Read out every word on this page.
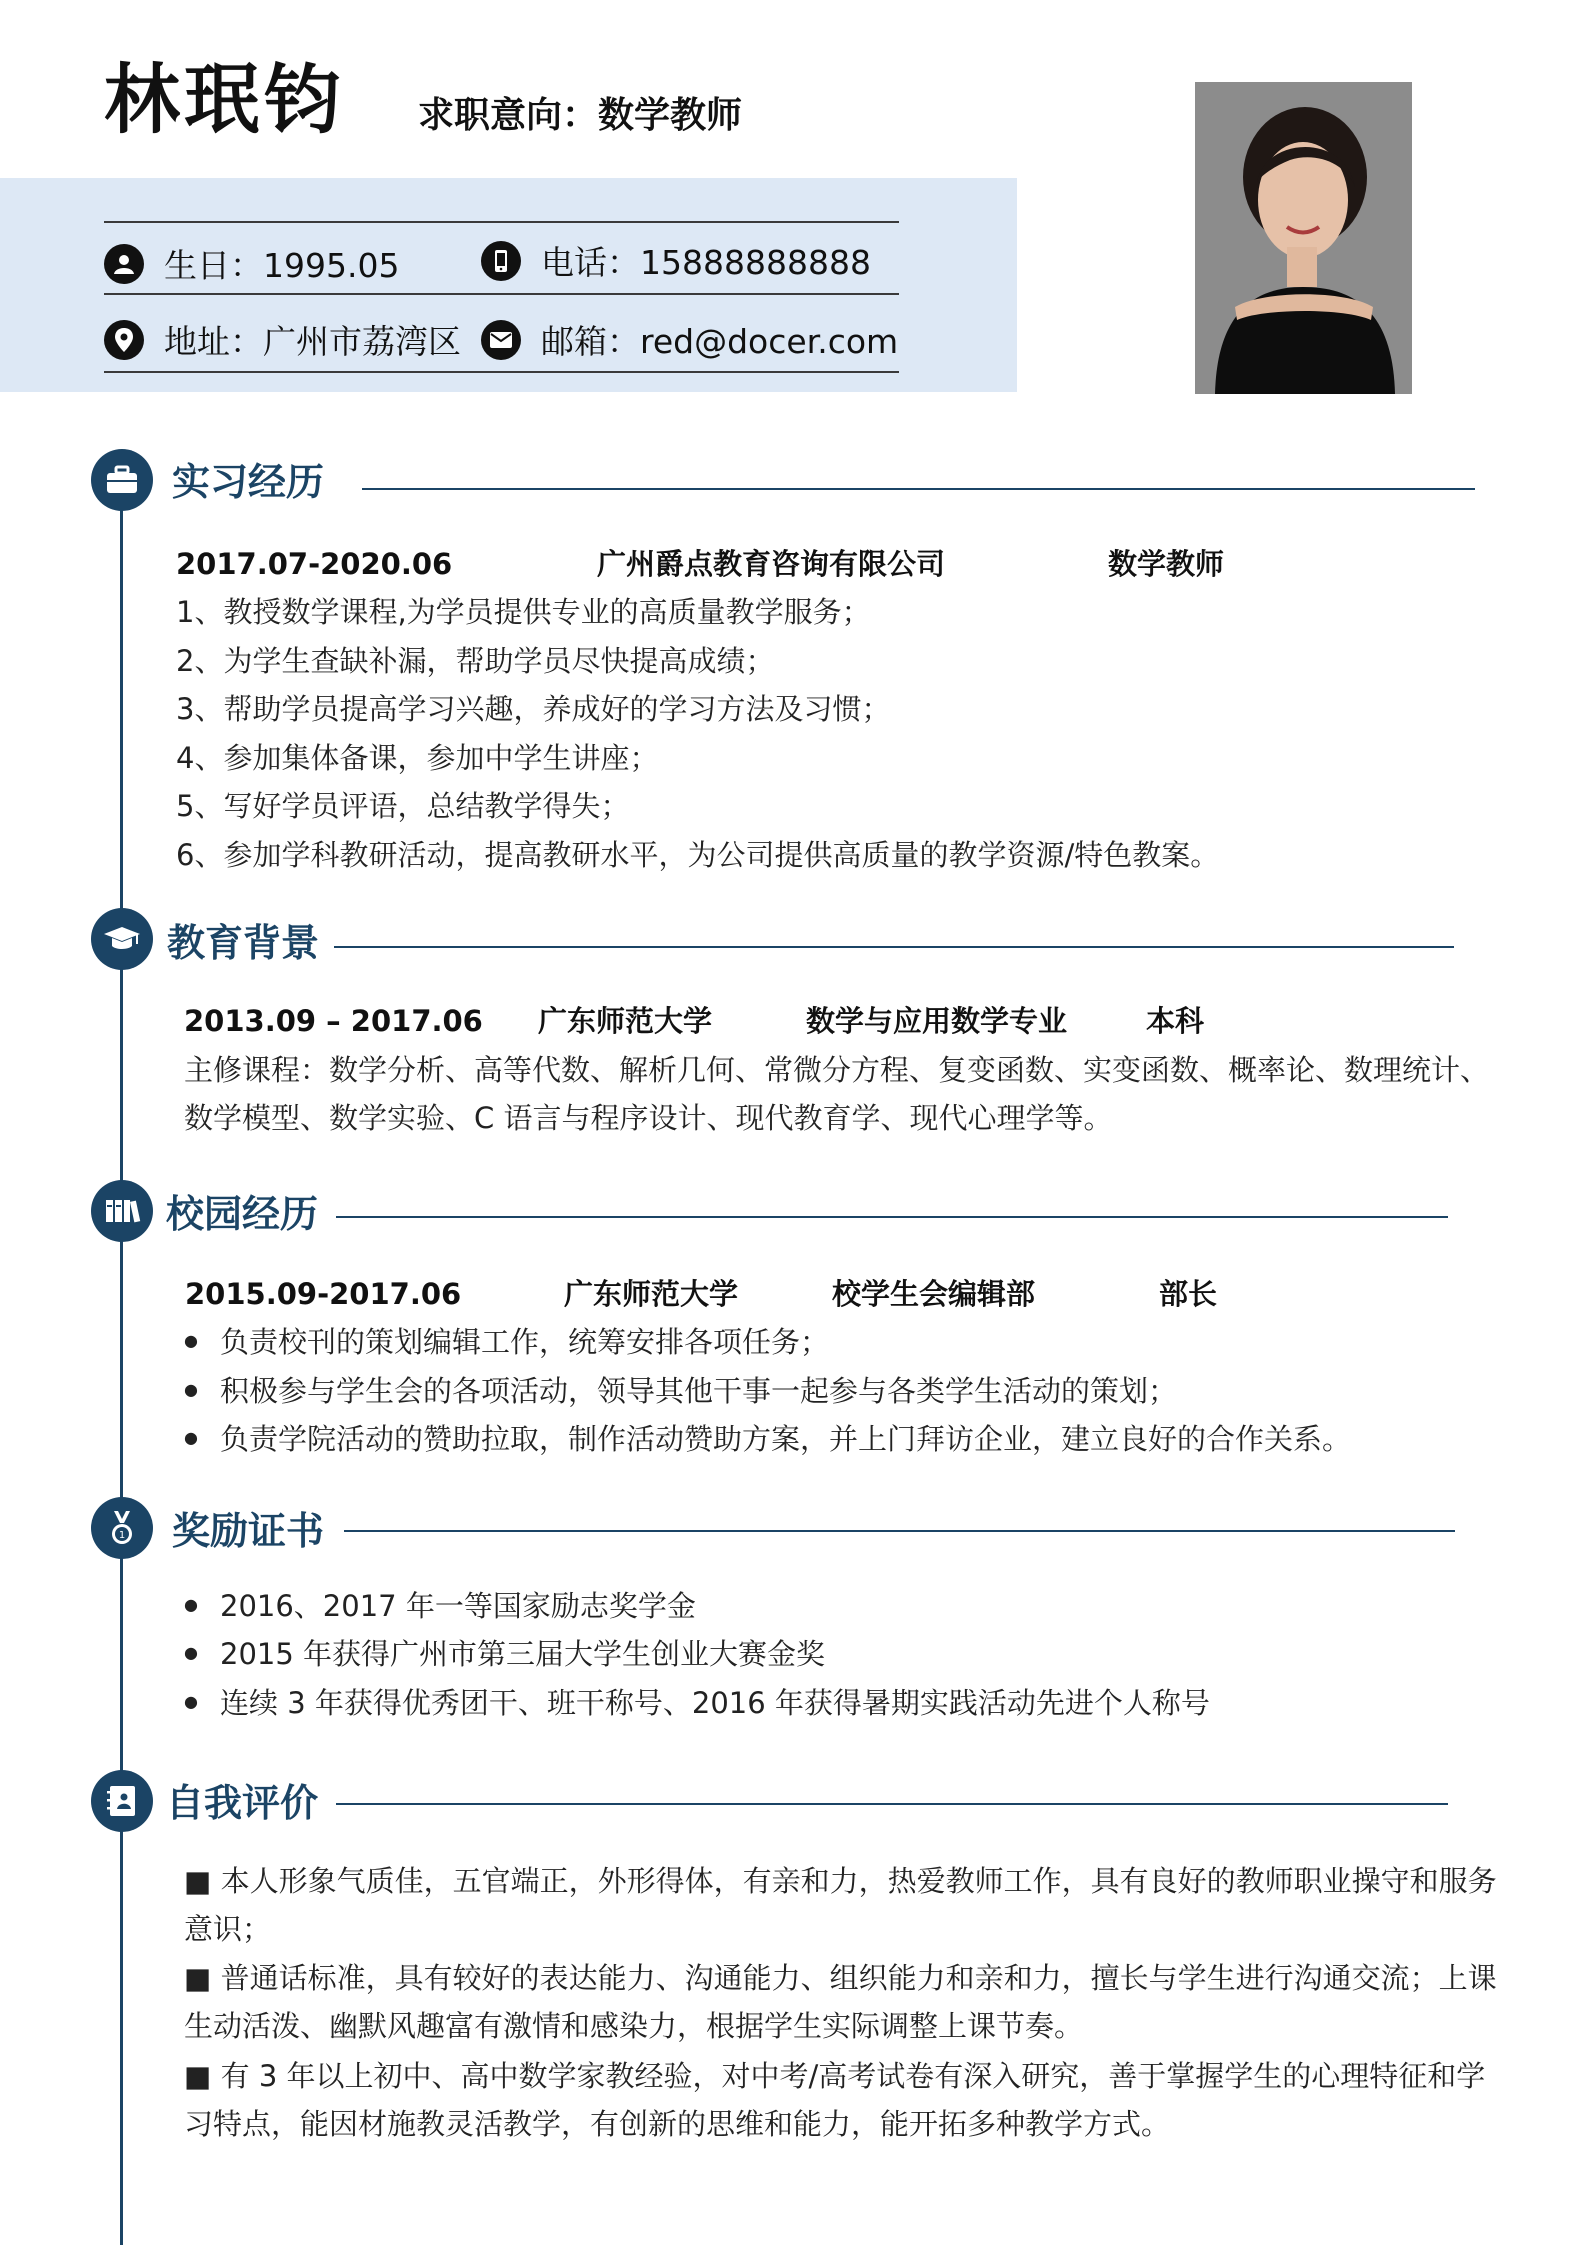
林珉钧 求职意向：数学教师
生日：1995.05	电话：15888888888
地址：广州市荔湾区 邮箱：red@docer.com
实习经历
2017.07-2020.06	广州爵点教育咨询有限公司	数学教师
1、教授数学课程,为学员提供专业的高质量教学服务；
2、为学生查缺补漏，帮助学员尽快提高成绩；
3、帮助学员提高学习兴趣，养成好的学习方法及习惯；
4、参加集体备课，参加中学生讲座；
5、写好学员评语，总结教学得失；
6、参加学科教研活动，提高教研水平，为公司提供高质量的教学资源/特色教案。
教育背景
2013.09 – 2017.06 广东师范大学	数学与应用数学专业	本科
主修课程：数学分析、高等代数、解析几何、常微分方程、复变函数、实变函数、概率论、数理统计、
数学模型、数学实验、C 语言与程序设计、现代教育学、现代心理学等。
校园经历
2015.09-2017.06	广东师范大学	校学生会编辑部	部长
● 负责校刊的策划编辑工作，统筹安排各项任务；
● 积极参与学生会的各项活动，领导其他干事一起参与各类学生活动的策划；
● 负责学院活动的赞助拉取，制作活动赞助方案，并上门拜访企业，建立良好的合作关系。
1 奖励证书
● 2016、2017 年一等国家励志奖学金
● 2015 年获得广州市第三届大学生创业大赛金奖
● 连续 3 年获得优秀团干、班干称号、2016 年获得暑期实践活动先进个人称号
自我评价
■ 本人形象气质佳，五官端正，外形得体，有亲和力，热爱教师工作，具有良好的教师职业操守和服务意识；
■ 普通话标准，具有较好的表达能力、沟通能力、组织能力和亲和力，擅长与学生进行沟通交流；上课生动活泼、幽默风趣富有激情和感染力，根据学生实际调整上课节奏。
■ 有 3 年以上初中、高中数学家教经验，对中考/高考试卷有深入研究，善于掌握学生的心理特征和学习特点，能因材施教灵活教学，有创新的思维和能力，能开拓多种教学方式。
